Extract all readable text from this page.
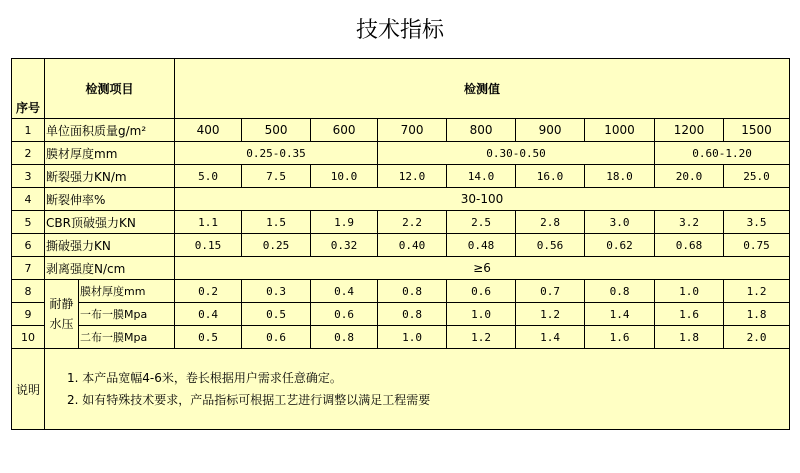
技术指标
序号	检测项目		检测值								
1	单位面积质量g/m²		400	500	600	700	800	900	1000	1200	1500
2	膜材厚度mm		0.25-0.35			0.30-0.50				0.60-1.20	
3	断裂强力KN/m		5.0	7.5	10.0	12.0	14.0	16.0	18.0	20.0	25.0
4	断裂伸率%		30-100								
5	CBR顶破强力KN		1.1	1.5	1.9	2.2	2.5	2.8	3.0	3.2	3.5
6	撕破强力KN		0.15	0.25	0.32	0.40	0.48	0.56	0.62	0.68	0.75
7	剥离强度N/cm		≥6								
8	耐静水压	膜材厚度mm	0.2	0.3	0.4	0.8	0.6	0.7	0.8	1.0	1.2
9		一布一膜Mpa	0.4	0.5	0.6	0.8	1.0	1.2	1.4	1.6	1.8
10		二布一膜Mpa	0.5	0.6	0.8	1.0	1.2	1.4	1.6	1.8	2.0
说明	1. 本产品宽幅4-6米，卷长根据用户需求任意确定。
2. 如有特殊技术要求，产品指标可根据工艺进行调整以满足工程需要										
